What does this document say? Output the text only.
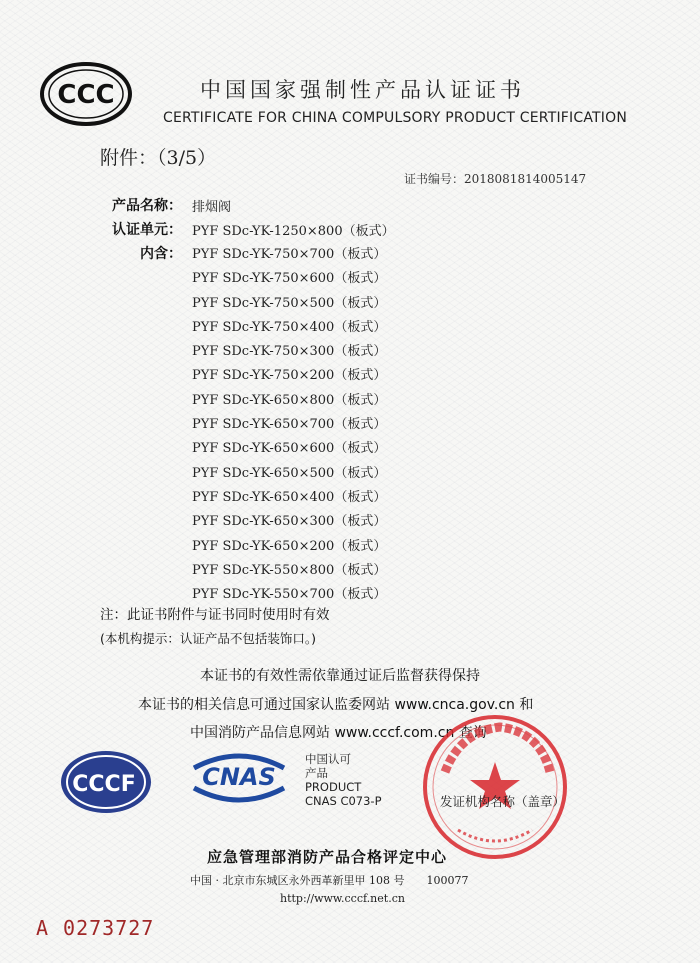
CCC	中国国家强制性产品认证证书
CERTIFICATE FOR CHINA COMPULSORY PRODUCT CERTIFICATION
附件：（3/5）
证书编号：2018081814005147
产品名称： 排烟阀
认证单元： PYF SDc-YK-1250×800（板式）
内含： PYF SDc-YK-750×700（板式）
PYF SDc-YK-750×600（板式）
PYF SDc-YK-750×500（板式）
PYF SDc-YK-750×400（板式）
PYF SDc-YK-750×300（板式）
PYF SDc-YK-750×200（板式）
PYF SDc-YK-650×800（板式）
PYF SDc-YK-650×700（板式）
PYF SDc-YK-650×600（板式）
PYF SDc-YK-650×500（板式）
PYF SDc-YK-650×400（板式）
PYF SDc-YK-650×300（板式）
PYF SDc-YK-650×200（板式）
PYF SDc-YK-550×800（板式）
PYF SDc-YK-550×700（板式）
注：此证书附件与证书同时使用时有效
(本机构提示：认证产品不包括装饰口。)
本证书的有效性需依靠通过证后监督获得保持
本证书的相关信息可通过国家认监委网站 www.cnca.gov.cn 和
中国消防产品信息网站 www.cccf.com.cn 查询
CCCF	CNAS
中国认可
产品
PRODUCT
CNAS C073-P	发证机构名称（盖章）
应急管理部消防产品合格评定中心
中国 · 北京市东城区永外西革新里甲 108 号　　100077
http://www.cccf.net.cn
A 0273727
